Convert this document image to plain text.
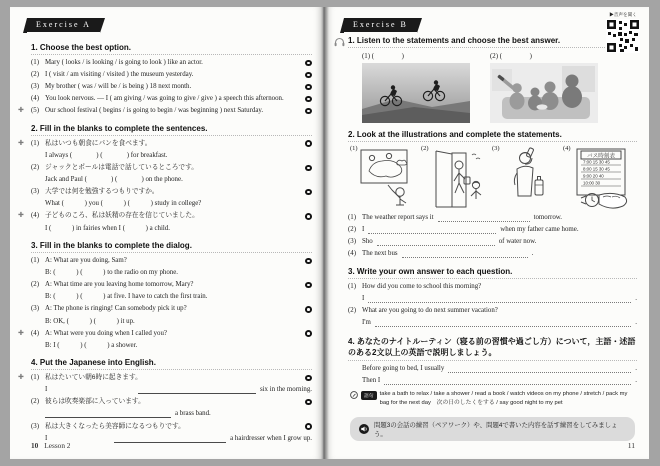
Exercise A
1. Choose the best option.
(1) Mary ( looks / is looking / is going to look ) like an actor.
(2) I ( visit / am visiting / visited ) the museum yesterday.
(3) My brother ( was / will be / is being ) 18 next month.
(4) You look nervous. — I ( am giving / was going to give / give ) a speech this afternoon.
✚ (5) Our school festival ( begins / is going to begin / was beginning ) next Saturday.
2. Fill in the blanks to complete the sentences.
✚ (1) 私はいつも朝食にパンを食べます。
I always (              ) (              ) for breakfast.
(2) ジャックとポールは電話で話しているところです。
Jack and Paul (              ) (              ) on the phone.
(3) 大学では何を勉強するつもりですか。
What (            ) you (            ) (            ) study in college?
✚ (4) 子どものころ、私は妖精の存在を信じていました。
I (            ) in fairies when I (            ) a child.
3. Fill in the blanks to complete the dialog.
(1) A: What are you doing, Sam?
B: (            ) (            ) to the radio on my phone.
(2) A: What time are you leaving home tomorrow, Mary?
B: (            ) (            ) at five. I have to catch the first train.
(3) A: The phone is ringing! Can somebody pick it up?
B: OK, (            ) (            ) it up.
✚ (4) A: What were you doing when I called you?
B: I (            ) (            ) a shower.
4. Put the Japanese into English.
✚ (1) 私はたいてい朝6時に起きます。
I	six in the morning.
(2) 彼らは吹奏楽部に入っています。
a brass band.
(3) 私は大きくなったら美容師になるつもりです。
I	a hairdresser when I grow up.
10 Lesson 2
▶音声を聞く
Exercise B
1. Listen to the statements and choose the best answer.
(1) (                )	(2) (                )
2. Look at the illustrations and complete the statements.
(1)	(2)	(3)	(4)
バス時刻表
7:00 15 30 45
8:00 15 30 45
9:00 20 40
10:00 30
(1) The weather report says it	tomorrow.
(2) I	when my father came home.
(3) Sho	of water now.
(4) The next bus	.
3. Write your own answer to each question.
(1) How did you come to school this morning?
I	.
(2) What are you going to do next summer vacation?
I'm	.
4. あなたのナイトルーティン（寝る前の習慣や過ごし方）について，主語・述語のある2文以上の英語で説明しましょう。
Before going to bed, I usually	.
Then I	.
語句	take a bath to relax / take a shower / read a book / watch videos on my phone / stretch / pack my bag for the next day　次の日のしたくをする / say good night to my pet
問題3の会話の練習（ペアワーク）や、問題4で書いた内容を話す練習をしてみましょう。
11
